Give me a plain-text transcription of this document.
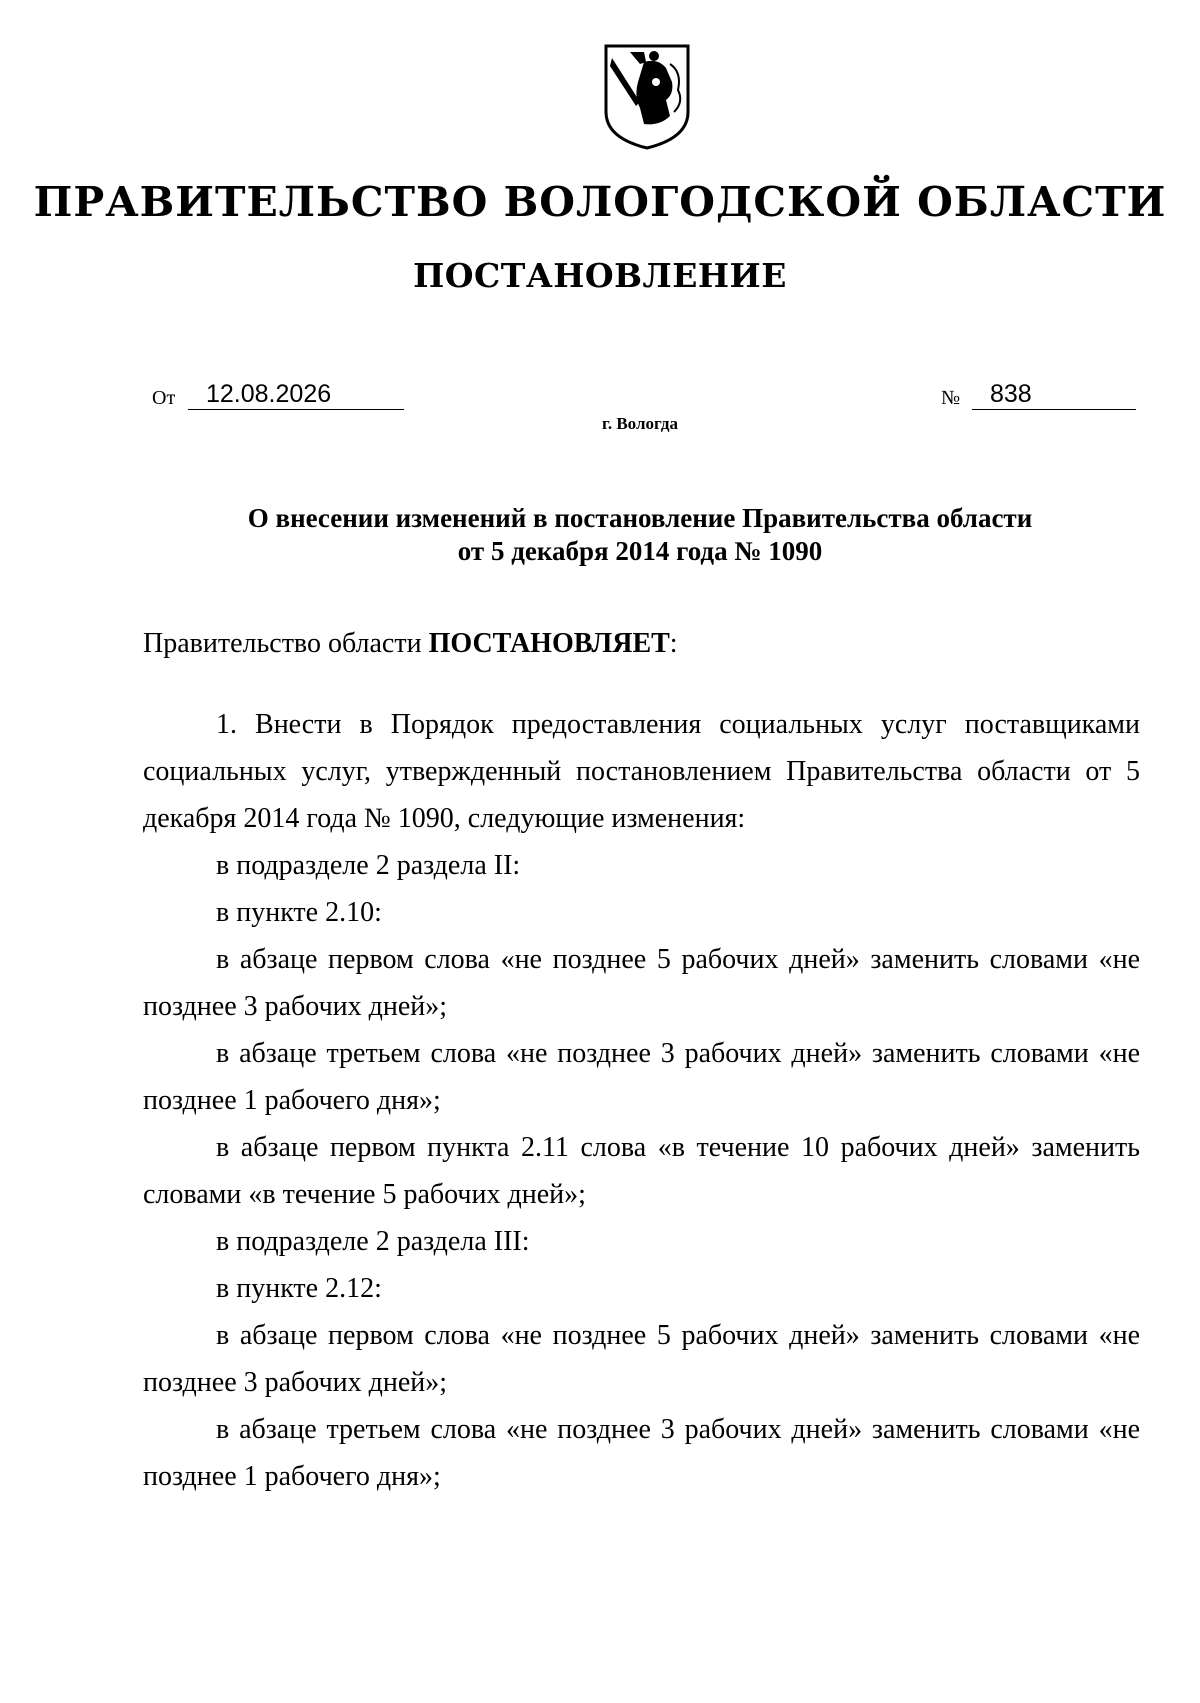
ПРАВИТЕЛЬСТВО ВОЛОГОДСКОЙ ОБЛАСТИ
ПОСТАНОВЛЕНИЕ
От	12.08.2026	№	838
г. Вологда
О внесении изменений в постановление Правительства области
от 5 декабря 2014 года № 1090

Правительство области ПОСТАНОВЛЯЕТ:

1. Внести в Порядок предоставления социальных услуг поставщиками социальных услуг, утвержденный постановлением Правительства области от 5 декабря 2014 года № 1090, следующие изменения:

в подразделе 2 раздела II:

в пункте 2.10:

в абзаце первом слова «не позднее 5 рабочих дней» заменить словами «не позднее 3 рабочих дней»;

в абзаце третьем слова «не позднее 3 рабочих дней» заменить словами «не позднее 1 рабочего дня»;

в абзаце первом пункта 2.11 слова «в течение 10 рабочих дней» заменить словами «в течение 5 рабочих дней»;

в подразделе 2 раздела III:

в пункте 2.12:

в абзаце первом слова «не позднее 5 рабочих дней» заменить словами «не позднее 3 рабочих дней»;

в абзаце третьем слова «не позднее 3 рабочих дней» заменить словами «не позднее 1 рабочего дня»;
